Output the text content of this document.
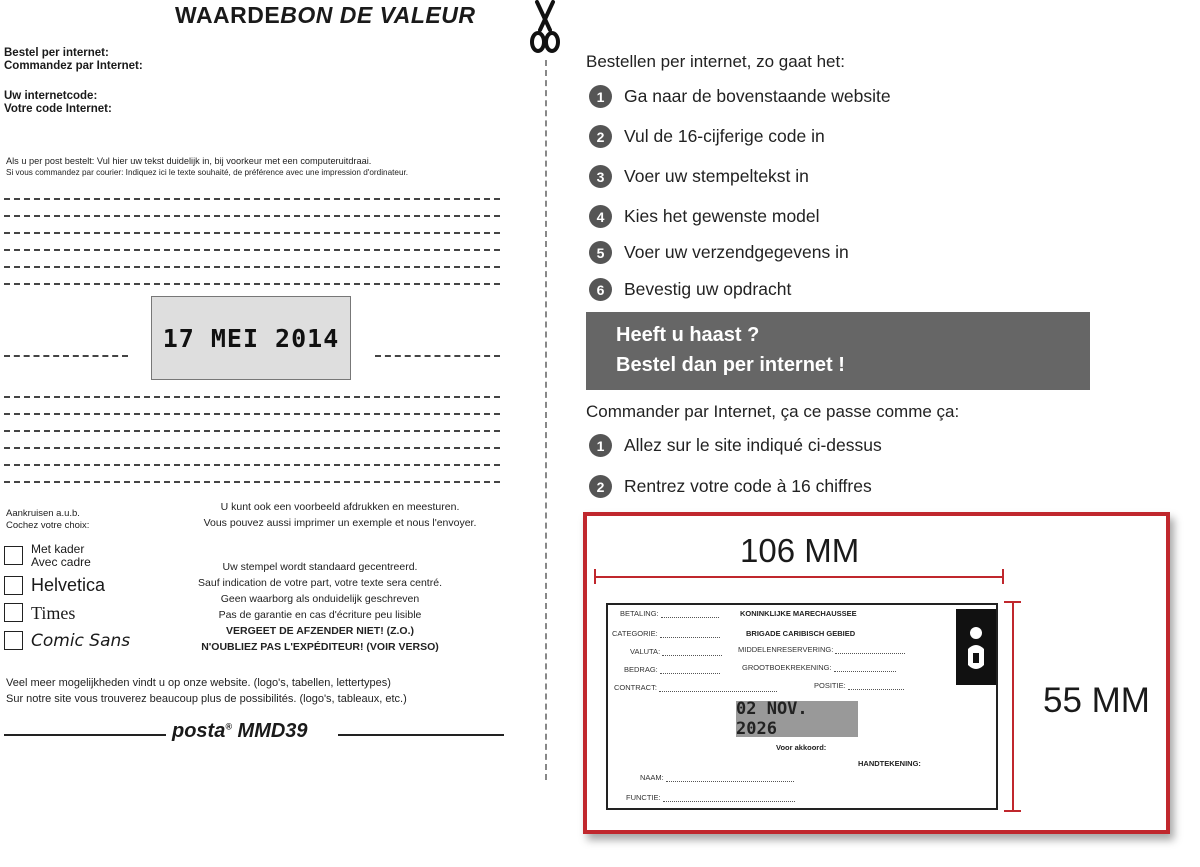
WAARDEBON DE VALEUR
Bestel per internet:
Commandez par Internet:
Uw internetcode:
Votre code Internet:
Als u per post bestelt: Vul hier uw tekst duidelijk in, bij voorkeur met een computeruitdraai.
Si vous commandez par courier: Indiquez ici le texte souhaité, de préférence avec une impression d'ordinateur.
17 MEI 2014
Aankruisen a.u.b.
Cochez votre choix:
Met kader
Avec cadre
Helvetica
Times
Comic Sans
U kunt ook een voorbeeld afdrukken en meesturen.
Vous pouvez aussi imprimer un exemple et nous l'envoyer.
Uw stempel wordt standaard gecentreerd.
Sauf indication de votre part, votre texte sera centré.
Geen waarborg als onduidelijk geschreven
Pas de garantie en cas d'écriture peu lisible
VERGEET DE AFZENDER NIET! (Z.O.)
N'OUBLIEZ PAS L'EXPÉDITEUR! (VOIR VERSO)
Veel meer mogelijkheden vindt u op onze website. (logo's, tabellen, lettertypes)
Sur notre site vous trouverez beaucoup plus de possibilités. (logo's, tableaux, etc.)
posta® MMD39
Bestellen per internet, zo gaat het:
1	Ga naar de bovenstaande website
2	Vul de 16-cijferige code in
3	Voer uw stempeltekst in
4	Kies het gewenste model
5	Voer uw verzendgegevens in
6	Bevestig uw opdracht
Heeft u haast ?
Bestel dan per internet !
Commander par Internet, ça ce passe comme ça:
1	Allez sur le site indiqué ci-dessus
2	Rentrez votre code à 16 chiffres
106 MM
55 MM
BETALING:
CATEGORIE:
VALUTA:
BEDRAG:
CONTRACT:
KONINKLIJKE MARECHAUSSEE
BRIGADE CARIBISCH GEBIED
MIDDELENRESERVERING:
GROOTBOEKREKENING:
POSITIE:
02 NOV. 2026
Voor akkoord:
HANDTEKENING:
NAAM:
FUNCTIE:
